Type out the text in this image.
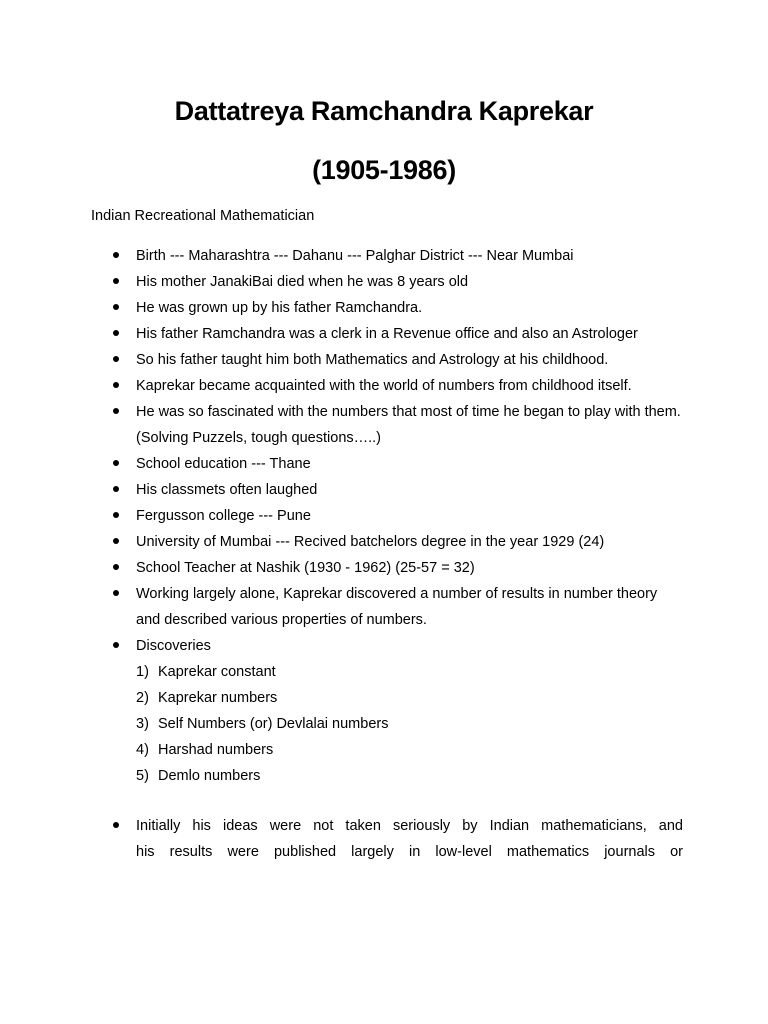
Dattatreya Ramchandra Kaprekar
(1905-1986)
Indian Recreational Mathematician
Birth --- Maharashtra --- Dahanu --- Palghar District --- Near Mumbai
His mother JanakiBai died when he was 8 years old
He was grown up by his father Ramchandra.
His father Ramchandra was a clerk in a Revenue office and also an Astrologer
So his father taught him both Mathematics and Astrology at his childhood.
Kaprekar became acquainted with the world of numbers from childhood itself.
He was so fascinated with the numbers that most of time he began to play with them. (Solving Puzzels, tough questions…..)
School education --- Thane
His classmets often laughed
Fergusson college --- Pune
University of Mumbai --- Recived batchelors degree in the year 1929 (24)
School Teacher at Nashik (1930 - 1962) (25-57 = 32)
Working largely alone, Kaprekar discovered a number of results in number theory and described various properties of numbers.
Discoveries
1) Kaprekar constant
2) Kaprekar numbers
3) Self Numbers (or) Devlalai numbers
4) Harshad numbers
5) Demlo numbers
Initially his ideas were not taken seriously by Indian mathematicians, and
his results were published largely in low-level mathematics journals or
